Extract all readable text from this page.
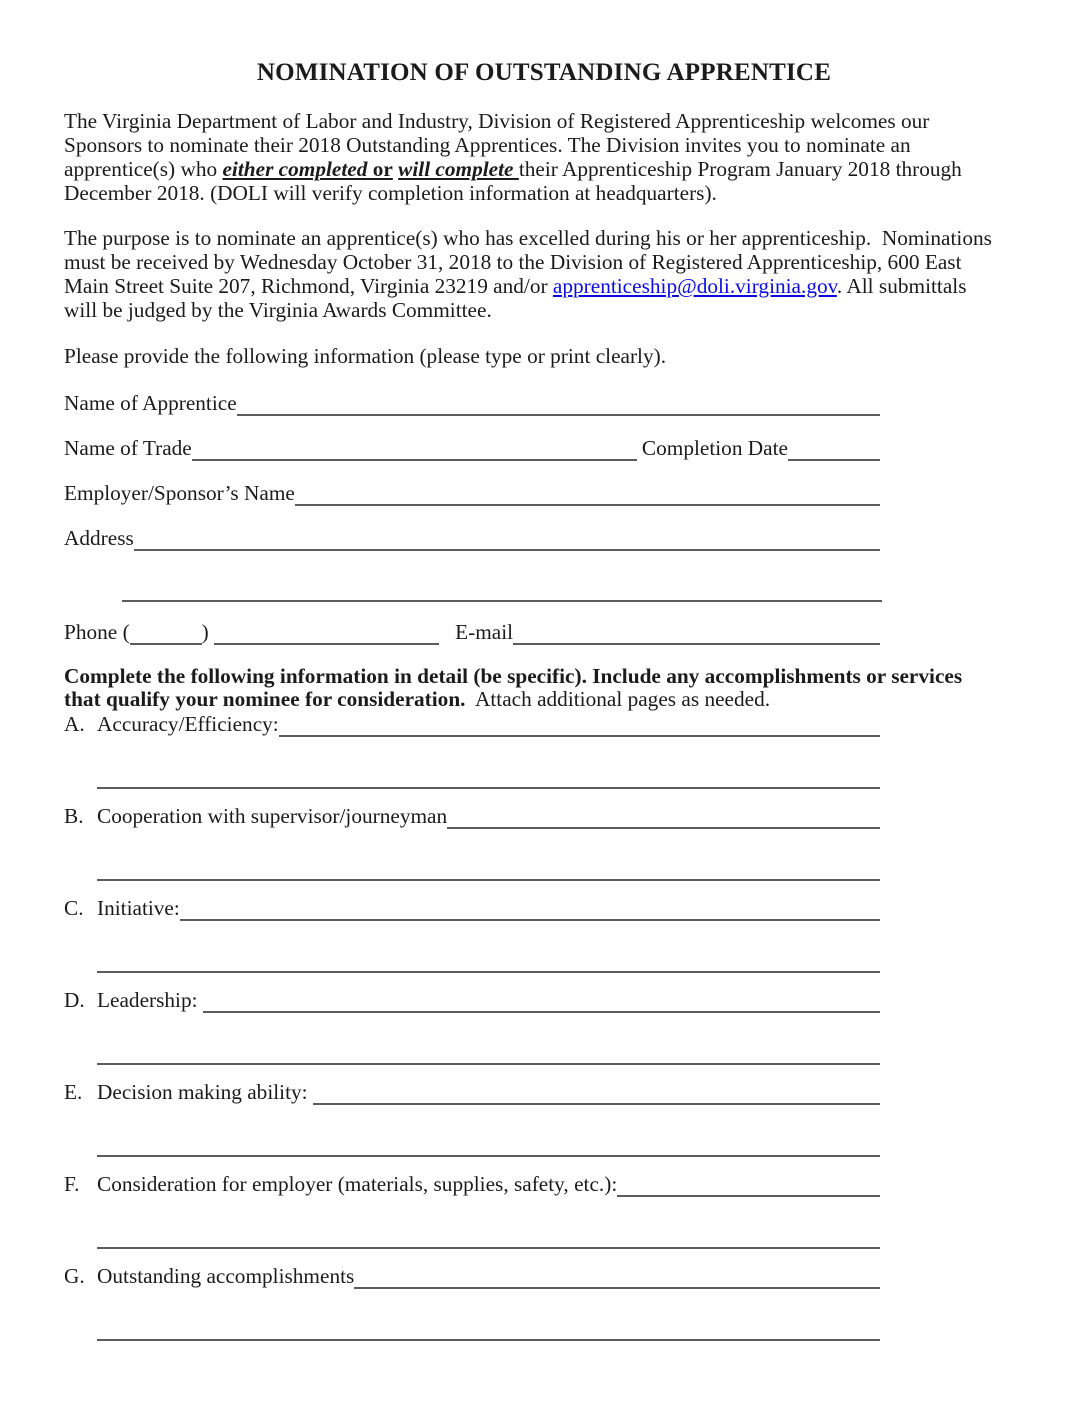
NOMINATION OF OUTSTANDING APPRENTICE

The Virginia Department of Labor and Industry, Division of Registered Apprenticeship welcomes our Sponsors to nominate their 2018 Outstanding Apprentices. The Division invites you to nominate an apprentice(s) who either completed or will complete their Apprenticeship Program January 2018 through December 2018. (DOLI will verify completion information at headquarters).

The purpose is to nominate an apprentice(s) who has excelled during his or her apprenticeship.  Nominations must be received by Wednesday October 31, 2018 to the Division of Registered Apprenticeship, 600 East Main Street Suite 207, Richmond, Virginia 23219 and/or apprenticeship@doli.virginia.gov. All submittals will be judged by the Virginia Awards Committee.

Please provide the following information (please type or print clearly).

Name of Apprentice
Name of Trade	Completion Date
Employer/Sponsor’s Name
Address
Phone (	)	E-mail

Complete the following information in detail (be specific). Include any accomplishments or services that qualify your nominee for consideration.  Attach additional pages as needed.

A. Accuracy/Efficiency:
B. Cooperation with supervisor/journeyman
C. Initiative:
D. Leadership:
E. Decision making ability:
F. Consideration for employer (materials, supplies, safety, etc.):
G. Outstanding accomplishments
